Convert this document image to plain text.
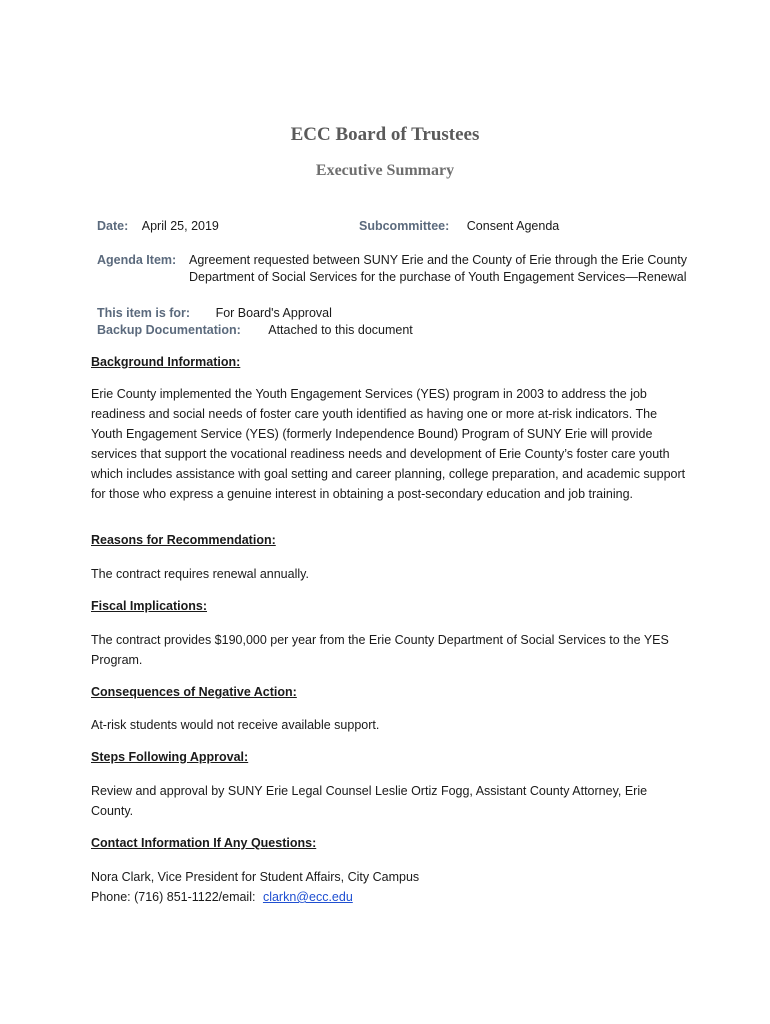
ECC Board of Trustees
Executive Summary
Date: April 25, 2019	Subcommittee: Consent Agenda
Agenda Item:	Agreement requested between SUNY Erie and the County of Erie through the Erie County Department of Social Services for the purchase of Youth Engagement Services—Renewal
This item is for: For Board's Approval
Backup Documentation: Attached to this document
Background Information:
Erie County implemented the Youth Engagement Services (YES) program in 2003 to address the job readiness and social needs of foster care youth identified as having one or more at-risk indicators. The Youth Engagement Service (YES) (formerly Independence Bound) Program of SUNY Erie will provide services that support the vocational readiness needs and development of Erie County’s foster care youth which includes assistance with goal setting and career planning, college preparation, and academic support for those who express a genuine interest in obtaining a post-secondary education and job training.
Reasons for Recommendation:
The contract requires renewal annually.
Fiscal Implications:
The contract provides $190,000 per year from the Erie County Department of Social Services to the YES Program.
Consequences of Negative Action:
At-risk students would not receive available support.
Steps Following Approval:
Review and approval by SUNY Erie Legal Counsel Leslie Ortiz Fogg, Assistant County Attorney, Erie County.
Contact Information If Any Questions:
Nora Clark, Vice President for Student Affairs, City Campus
Phone: (716) 851-1122/email: clarkn@ecc.edu
